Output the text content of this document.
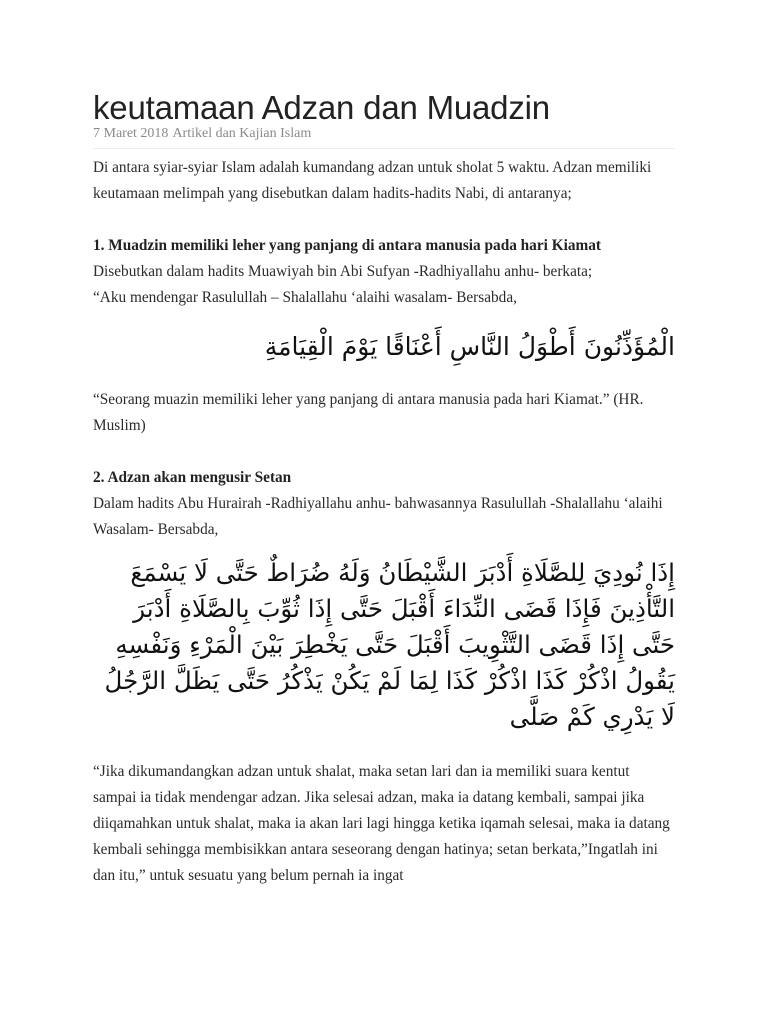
keutamaan Adzan dan Muadzin
7 Maret 2018 Artikel dan Kajian Islam

Di antara syiar-syiar Islam adalah kumandang adzan untuk sholat 5 waktu. Adzan memiliki keutamaan melimpah yang disebutkan dalam hadits-hadits Nabi, di antaranya;

1. Muadzin memiliki leher yang panjang di antara manusia pada hari Kiamat

Disebutkan dalam hadits Muawiyah bin Abi Sufyan -Radhiyallahu anhu- berkata;

“Aku mendengar Rasulullah – Shalallahu ‘alaihi wasalam- Bersabda,

الْمُؤَذِّنُونَ أَطْوَلُ النَّاسِ أَعْنَاقًا يَوْمَ الْقِيَامَةِ

“Seorang muazin memiliki leher yang panjang di antara manusia pada hari Kiamat.” (HR. Muslim)

2. Adzan akan mengusir Setan

Dalam hadits Abu Hurairah -Radhiyallahu anhu- bahwasannya Rasulullah -Shalallahu ‘alaihi Wasalam- Bersabda,

إِذَا نُودِيَ لِلصَّلَاةِ أَدْبَرَ الشَّيْطَانُ وَلَهُ ضُرَاطٌ حَتَّى لَا يَسْمَعَ التَّأْذِينَ فَإِذَا قَضَى النِّدَاءَ أَقْبَلَ حَتَّى إِذَا ثُوِّبَ بِالصَّلَاةِ أَدْبَرَ حَتَّى إِذَا قَضَى التَّثْوِيبَ أَقْبَلَ حَتَّى يَخْطِرَ بَيْنَ الْمَرْءِ وَنَفْسِهِ يَقُولُ اذْكُرْ كَذَا اذْكُرْ كَذَا لِمَا لَمْ يَكُنْ يَذْكُرُ حَتَّى يَظَلَّ الرَّجُلُ لَا يَدْرِي كَمْ صَلَّى

“Jika dikumandangkan adzan untuk shalat, maka setan lari dan ia memiliki suara kentut sampai ia tidak mendengar adzan. Jika selesai adzan, maka ia datang kembali, sampai jika diiqamahkan untuk shalat, maka ia akan lari lagi hingga ketika iqamah selesai, maka ia datang kembali sehingga membisikkan antara seseorang dengan hatinya; setan berkata,”Ingatlah ini dan itu,” untuk sesuatu yang belum pernah ia ingat
